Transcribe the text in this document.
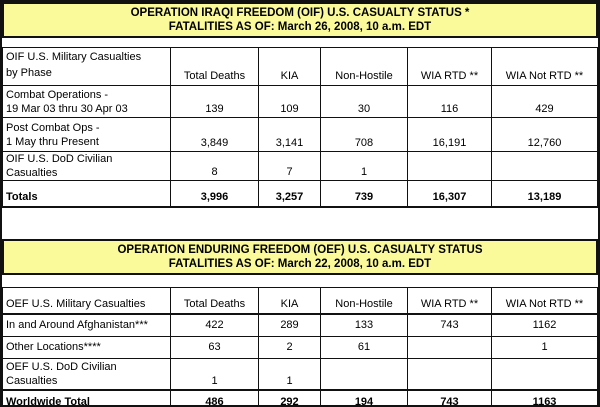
OPERATION IRAQI FREEDOM (OIF) U.S. CASUALTY STATUS *
FATALITIES AS OF: March 26, 2008, 10 a.m. EDT
OIF U.S. Military Casualties
by Phase	Total Deaths	KIA	Non-Hostile	WIA RTD **	WIA Not RTD **

Combat Operations -
19 Mar 03 thru 30 Apr 03	139	109	30	116	429

Post Combat Ops -
1 May thru Present	3,849	3,141	708	16,191	12,760

OIF U.S. DoD Civilian
Casualties	8	7	1		
Totals	3,996	3,257	739	16,307	13,189
OPERATION ENDURING FREEDOM (OEF) U.S. CASUALTY STATUS
FATALITIES AS OF: March 22, 2008, 10 a.m. EDT
OEF U.S. Military Casualties	Total Deaths	KIA	Non-Hostile	WIA RTD **	WIA Not RTD **
In and Around Afghanistan***	422	289	133	743	1162
Other Locations****	63	2	61		1

OEF U.S. DoD Civilian
Casualties	1	1			
Worldwide Total	486	292	194	743	1163
